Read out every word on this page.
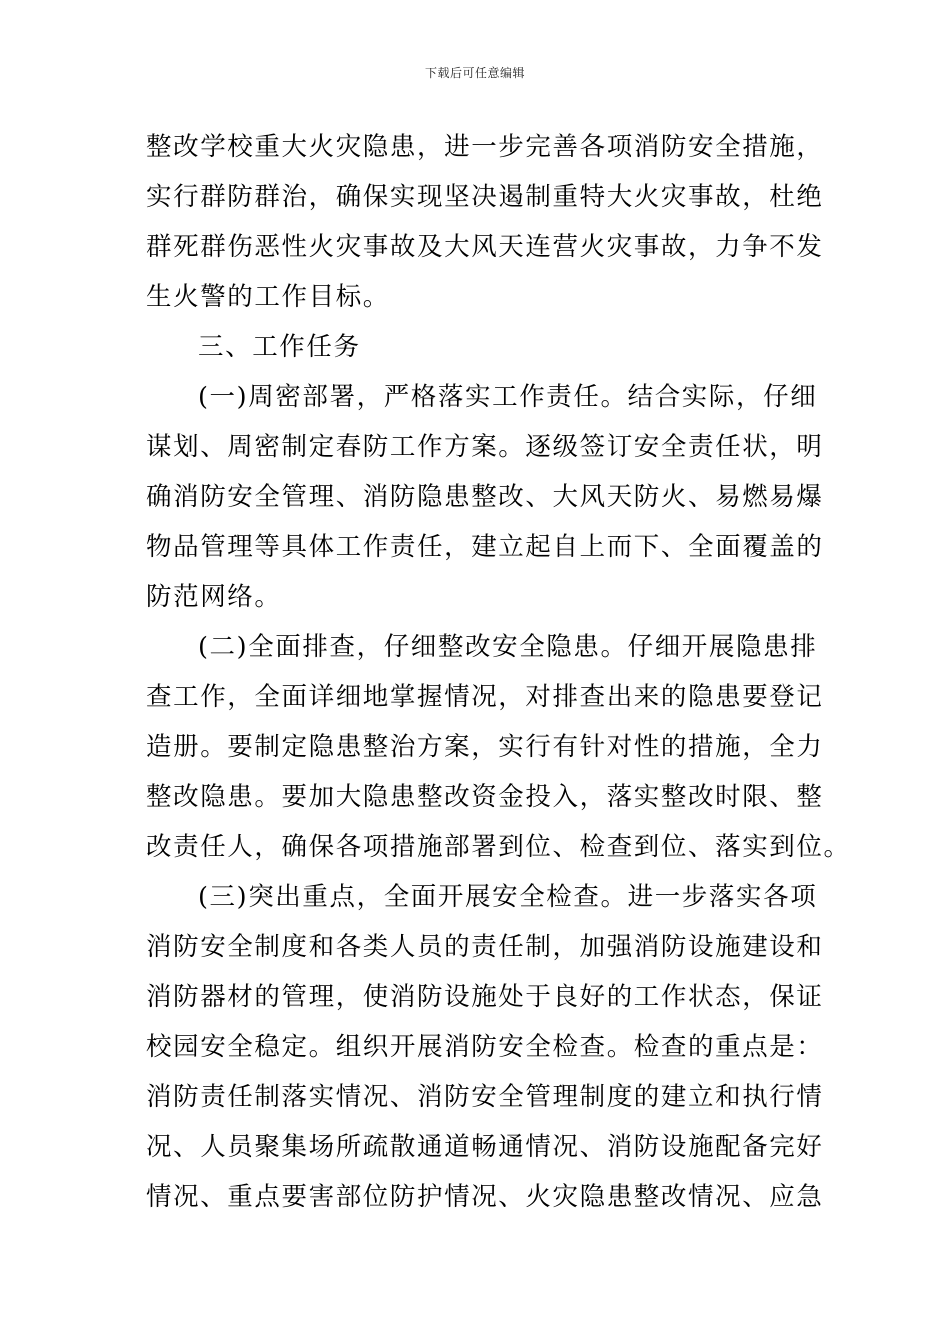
下载后可任意编辑
整改学校重大火灾隐患，进一步完善各项消防安全措施，
实行群防群治，确保实现坚决遏制重特大火灾事故，杜绝
群死群伤恶性火灾事故及大风天连营火灾事故，力争不发
生火警的工作目标。
三、工作任务
(一)周密部署，严格落实工作责任。结合实际，仔细
谋划、周密制定春防工作方案。逐级签订安全责任状，明
确消防安全管理、消防隐患整改、大风天防火、易燃易爆
物品管理等具体工作责任，建立起自上而下、全面覆盖的
防范网络。
(二)全面排查，仔细整改安全隐患。仔细开展隐患排
查工作，全面详细地掌握情况，对排查出来的隐患要登记
造册。要制定隐患整治方案，实行有针对性的措施，全力
整改隐患。要加大隐患整改资金投入，落实整改时限、整
改责任人，确保各项措施部署到位、检查到位、落实到位。
(三)突出重点，全面开展安全检查。进一步落实各项
消防安全制度和各类人员的责任制，加强消防设施建设和
消防器材的管理，使消防设施处于良好的工作状态，保证
校园安全稳定。组织开展消防安全检查。检查的重点是：
消防责任制落实情况、消防安全管理制度的建立和执行情
况、人员聚集场所疏散通道畅通情况、消防设施配备完好
情况、重点要害部位防护情况、火灾隐患整改情况、应急
